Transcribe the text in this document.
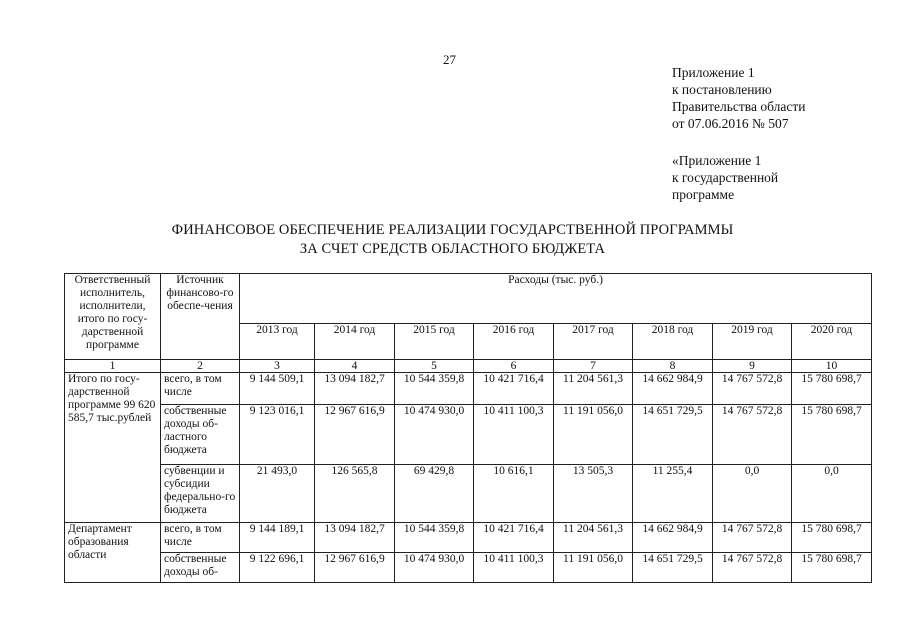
27
Приложение 1
к постановлению
Правительства области
от 07.06.2016 № 507
«Приложение 1
к государственной
программе
ФИНАНСОВОЕ ОБЕСПЕЧЕНИЕ РЕАЛИЗАЦИИ ГОСУДАРСТВЕННОЙ ПРОГРАММЫ
ЗА СЧЕТ СРЕДСТВ ОБЛАСТНОГО БЮДЖЕТА
Ответственный исполнитель, исполнители, итого по госу-дарственной программе	Источник финансово-го обеспе-чения	Расходы (тыс. руб.)							
		2013 год	2014 год	2015 год	2016 год	2017 год	2018 год	2019 год	2020 год
1	2	3	4	5	6	7	8	9	10
Итого по госу-дарственной программе 99 620 585,7 тыс.рублей	всего, в том числе	9 144 509,1	13 094 182,7	10 544 359,8	10 421 716,4	11 204 561,3	14 662 984,9	14 767 572,8	15 780 698,7
	собственные доходы об-ластного бюджета	9 123 016,1	12 967 616,9	10 474 930,0	10 411 100,3	11 191 056,0	14 651 729,5	14 767 572,8	15 780 698,7
	субвенции и субсидии федерально-го бюджета	21 493,0	126 565,8	69 429,8	10 616,1	13 505,3	11 255,4	0,0	0,0
Департамент образования области	всего, в том числе	9 144 189,1	13 094 182,7	10 544 359,8	10 421 716,4	11 204 561,3	14 662 984,9	14 767 572,8	15 780 698,7
	собственные доходы об-	9 122 696,1	12 967 616,9	10 474 930,0	10 411 100,3	11 191 056,0	14 651 729,5	14 767 572,8	15 780 698,7
